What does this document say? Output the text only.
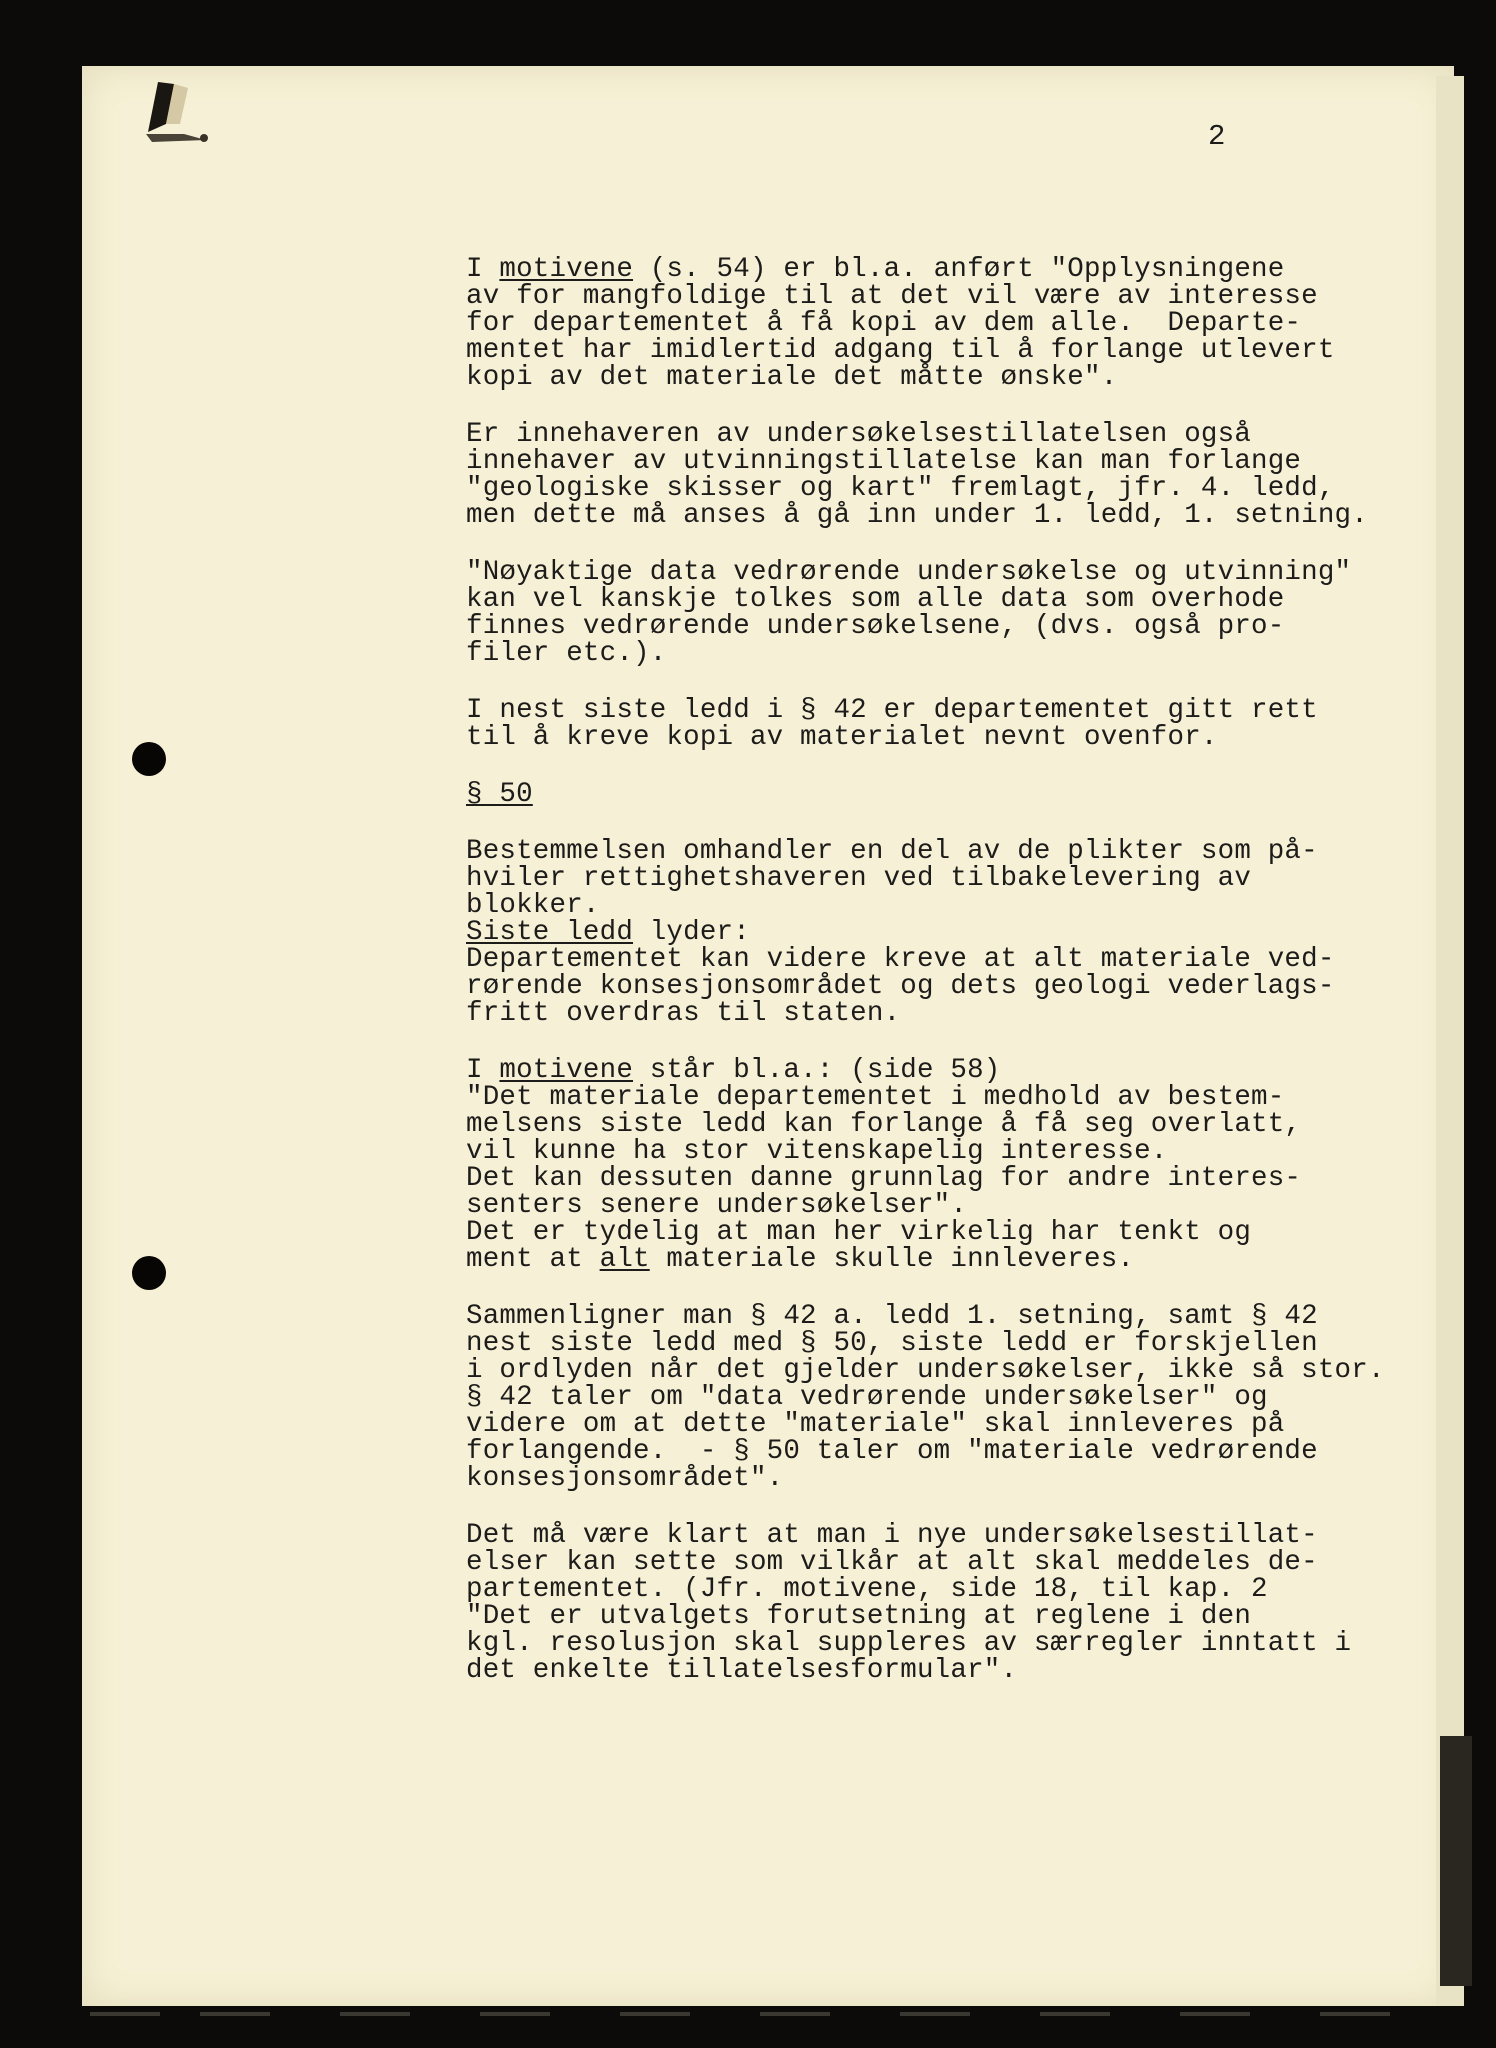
2
I motivene (s. 54) er bl.a. anført "Opplysningene
av for mangfoldige til at det vil være av interesse
for departementet å få kopi av dem alle.  Departe-
mentet har imidlertid adgang til å forlange utlevert
kopi av det materiale det måtte ønske".
Er innehaveren av undersøkelsestillatelsen også
innehaver av utvinningstillatelse kan man forlange
"geologiske skisser og kart" fremlagt, jfr. 4. ledd,
men dette må anses å gå inn under 1. ledd, 1. setning.
"Nøyaktige data vedrørende undersøkelse og utvinning"
kan vel kanskje tolkes som alle data som overhode
finnes vedrørende undersøkelsene, (dvs. også pro-
filer etc.).
I nest siste ledd i § 42 er departementet gitt rett
til å kreve kopi av materialet nevnt ovenfor.
§ 50
Bestemmelsen omhandler en del av de plikter som på-
hviler rettighetshaveren ved tilbakelevering av
blokker.
Siste ledd lyder:
Departementet kan videre kreve at alt materiale ved-
rørende konsesjonsområdet og dets geologi vederlags-
fritt overdras til staten.
I motivene står bl.a.: (side 58)
"Det materiale departementet i medhold av bestem-
melsens siste ledd kan forlange å få seg overlatt,
vil kunne ha stor vitenskapelig interesse.
Det kan dessuten danne grunnlag for andre interes-
senters senere undersøkelser".
Det er tydelig at man her virkelig har tenkt og
ment at alt materiale skulle innleveres.
Sammenligner man § 42 a. ledd 1. setning, samt § 42
nest siste ledd med § 50, siste ledd er forskjellen
i ordlyden når det gjelder undersøkelser, ikke så stor.
§ 42 taler om "data vedrørende undersøkelser" og
videre om at dette "materiale" skal innleveres på
forlangende.  - § 50 taler om "materiale vedrørende
konsesjonsområdet".
Det må være klart at man i nye undersøkelsestillat-
elser kan sette som vilkår at alt skal meddeles de-
partementet. (Jfr. motivene, side 18, til kap. 2
"Det er utvalgets forutsetning at reglene i den
kgl. resolusjon skal suppleres av særregler inntatt i
det enkelte tillatelsesformular".
